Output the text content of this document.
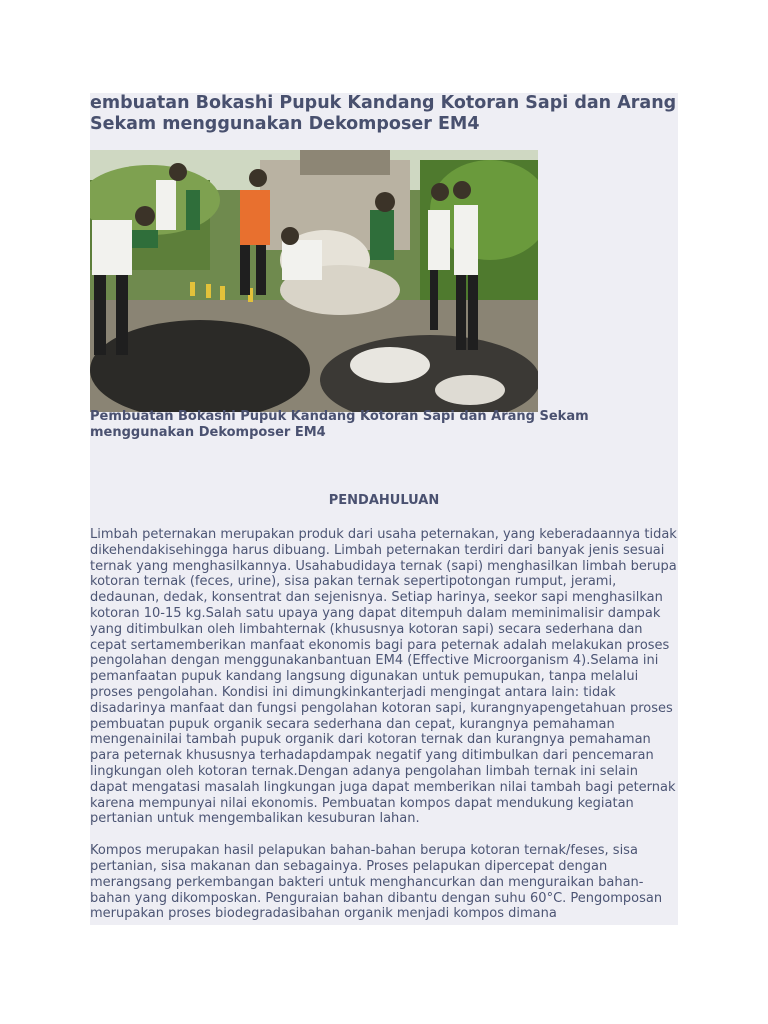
embuatan Bokashi Pupuk Kandang Kotoran Sapi dan Arang Sekam menggunakan Dekomposer EM4
Pembuatan Bokashi Pupuk Kandang Kotoran Sapi dan Arang Sekam menggunakan Dekomposer EM4
PENDAHULUAN

Limbah peternakan merupakan produk dari usaha peternakan, yang keberadaannya tidak dikehendakisehingga harus dibuang. Limbah peternakan terdiri dari banyak jenis sesuai ternak yang menghasilkannya. Usahabudidaya ternak (sapi) menghasilkan limbah berupa kotoran ternak (feces, urine), sisa pakan ternak sepertipotongan rumput, jerami, dedaunan, dedak, konsentrat dan sejenisnya. Setiap harinya, seekor sapi menghasilkan kotoran 10-15 kg.Salah satu upaya yang dapat ditempuh dalam meminimalisir dampak yang ditimbulkan oleh limbahternak (khususnya kotoran sapi) secara sederhana dan cepat sertamemberikan manfaat ekonomis bagi para peternak adalah melakukan proses pengolahan dengan menggunakanbantuan EM4 (Effective Microorganism 4).Selama ini pemanfaatan pupuk kandang langsung digunakan untuk pemupukan, tanpa melalui proses pengolahan. Kondisi ini dimungkinkanterjadi mengingat antara lain: tidak disadarinya manfaat dan fungsi pengolahan kotoran sapi, kurangnyapengetahuan proses pembuatan pupuk organik secara sederhana dan cepat, kurangnya pemahaman mengenainilai tambah pupuk organik dari kotoran ternak dan kurangnya pemahaman para peternak khususnya terhadapdampak negatif yang ditimbulkan dari pencemaran lingkungan oleh kotoran ternak.Dengan adanya pengolahan limbah ternak ini selain dapat mengatasi masalah lingkungan juga dapat memberikan nilai tambah bagi peternak karena mempunyai nilai ekonomis. Pembuatan kompos dapat mendukung kegiatan pertanian untuk mengembalikan kesuburan lahan.

Kompos merupakan hasil pelapukan bahan-bahan berupa kotoran ternak/feses, sisa pertanian, sisa makanan dan sebagainya. Proses pelapukan dipercepat dengan merangsang perkembangan bakteri untuk menghancurkan dan menguraikan bahan-bahan yang dikomposkan. Penguraian bahan dibantu dengan suhu 60°C. Pengomposan merupakan proses biodegradasibahan organik menjadi kompos dimana
